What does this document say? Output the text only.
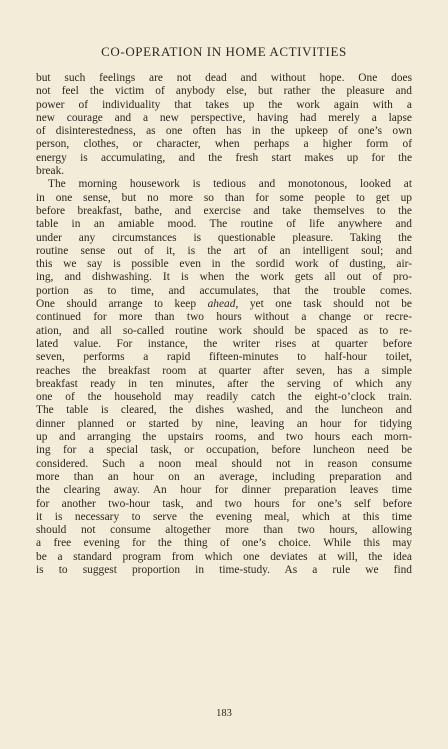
CO-OPERATION IN HOME ACTIVITIES
but such feelings are not dead and without hope. One does
not feel the victim of anybody else, but rather the pleasure and
power of individuality that takes up the work again with a
new courage and a new perspective, having had merely a lapse
of disinterestedness, as one often has in the upkeep of one’s own
person, clothes, or character, when perhaps a higher form of
energy is accumulating, and the fresh start makes up for the
break.
The morning housework is tedious and monotonous, looked at
in one sense, but no more so than for some people to get up
before breakfast, bathe, and exercise and take themselves to the
table in an amiable mood. The routine of life anywhere and
under any circumstances is questionable pleasure. Taking the
routine sense out of it, is the art of an intelligent soul; and
this we say is possible even in the sordid work of dusting, air-
ing, and dishwashing. It is when the work gets all out of pro-
portion as to time, and accumulates, that the trouble comes.
One should arrange to keep ahead, yet one task should not be
continued for more than two hours without a change or recre-
ation, and all so-called routine work should be spaced as to re-
lated value. For instance, the writer rises at quarter before
seven, performs a rapid fifteen-minutes to half-hour toilet,
reaches the breakfast room at quarter after seven, has a simple
breakfast ready in ten minutes, after the serving of which any
one of the household may readily catch the eight-o’clock train.
The table is cleared, the dishes washed, and the luncheon and
dinner planned or started by nine, leaving an hour for tidying
up and arranging the upstairs rooms, and two hours each morn-
ing for a special task, or occupation, before luncheon need be
considered. Such a noon meal should not in reason consume
more than an hour on an average, including preparation and
the clearing away. An hour for dinner preparation leaves time
for another two-hour task, and two hours for one’s self before
it is necessary to serve the evening meal, which at this time
should not consume altogether more than two hours, allowing
a free evening for the thing of one’s choice. While this may
be a standard program from which one deviates at will, the idea
is to suggest proportion in time-study. As a rule we find
183
